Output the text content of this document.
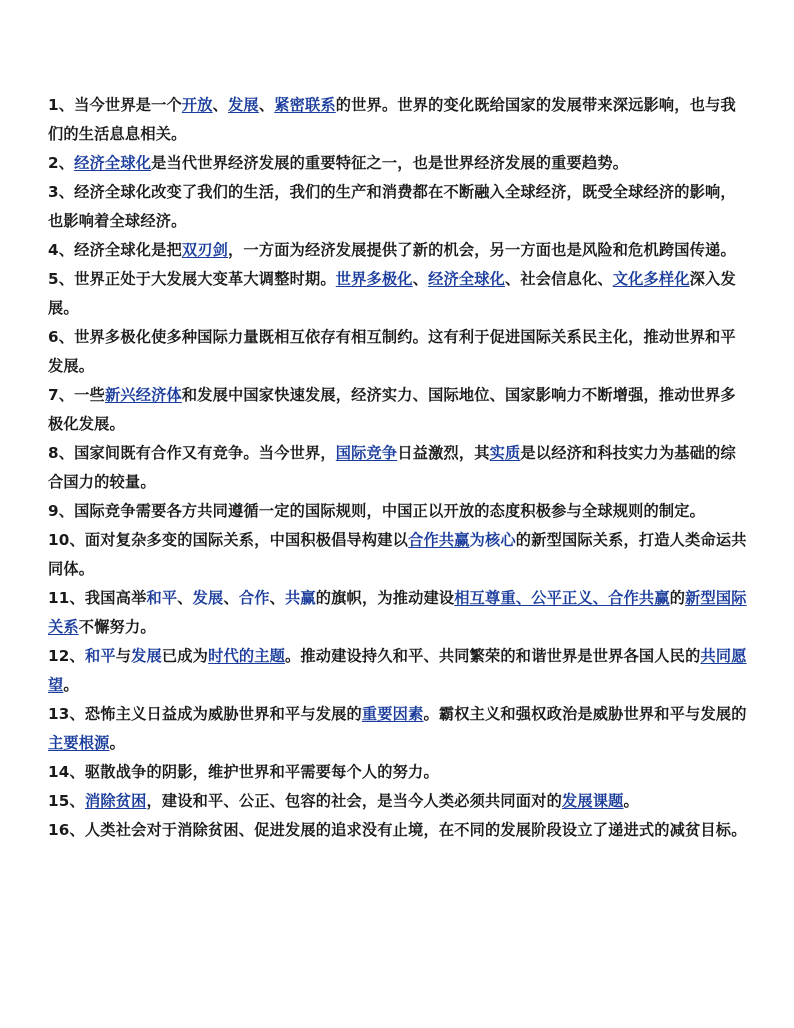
1、当今世界是一个开放、发展、紧密联系的世界。世界的变化既给国家的发展带来深远影响，也与我们的生活息息相关。

2、经济全球化是当代世界经济发展的重要特征之一，也是世界经济发展的重要趋势。

3、经济全球化改变了我们的生活，我们的生产和消费都在不断融入全球经济，既受全球经济的影响，也影响着全球经济。

4、经济全球化是把双刃剑，一方面为经济发展提供了新的机会，另一方面也是风险和危机跨国传递。

5、世界正处于大发展大变革大调整时期。世界多极化、经济全球化、社会信息化、文化多样化深入发展。

6、世界多极化使多种国际力量既相互依存有相互制约。这有利于促进国际关系民主化，推动世界和平发展。

7、一些新兴经济体和发展中国家快速发展，经济实力、国际地位、国家影响力不断增强，推动世界多极化发展。

8、国家间既有合作又有竞争。当今世界，国际竞争日益激烈，其实质是以经济和科技实力为基础的综合国力的较量。

9、国际竞争需要各方共同遵循一定的国际规则，中国正以开放的态度积极参与全球规则的制定。

10、面对复杂多变的国际关系，中国积极倡导构建以合作共赢为核心的新型国际关系，打造人类命运共同体。

11、我国高举和平、发展、合作、共赢的旗帜，为推动建设相互尊重、公平正义、合作共赢的新型国际关系不懈努力。

12、和平与发展已成为时代的主题。推动建设持久和平、共同繁荣的和谐世界是世界各国人民的共同愿望。

13、恐怖主义日益成为威胁世界和平与发展的重要因素。霸权主义和强权政治是威胁世界和平与发展的主要根源。

14、驱散战争的阴影，维护世界和平需要每个人的努力。

15、消除贫困，建设和平、公正、包容的社会，是当今人类必须共同面对的发展课题。

16、人类社会对于消除贫困、促进发展的追求没有止境，在不同的发展阶段设立了递进式的减贫目标。
